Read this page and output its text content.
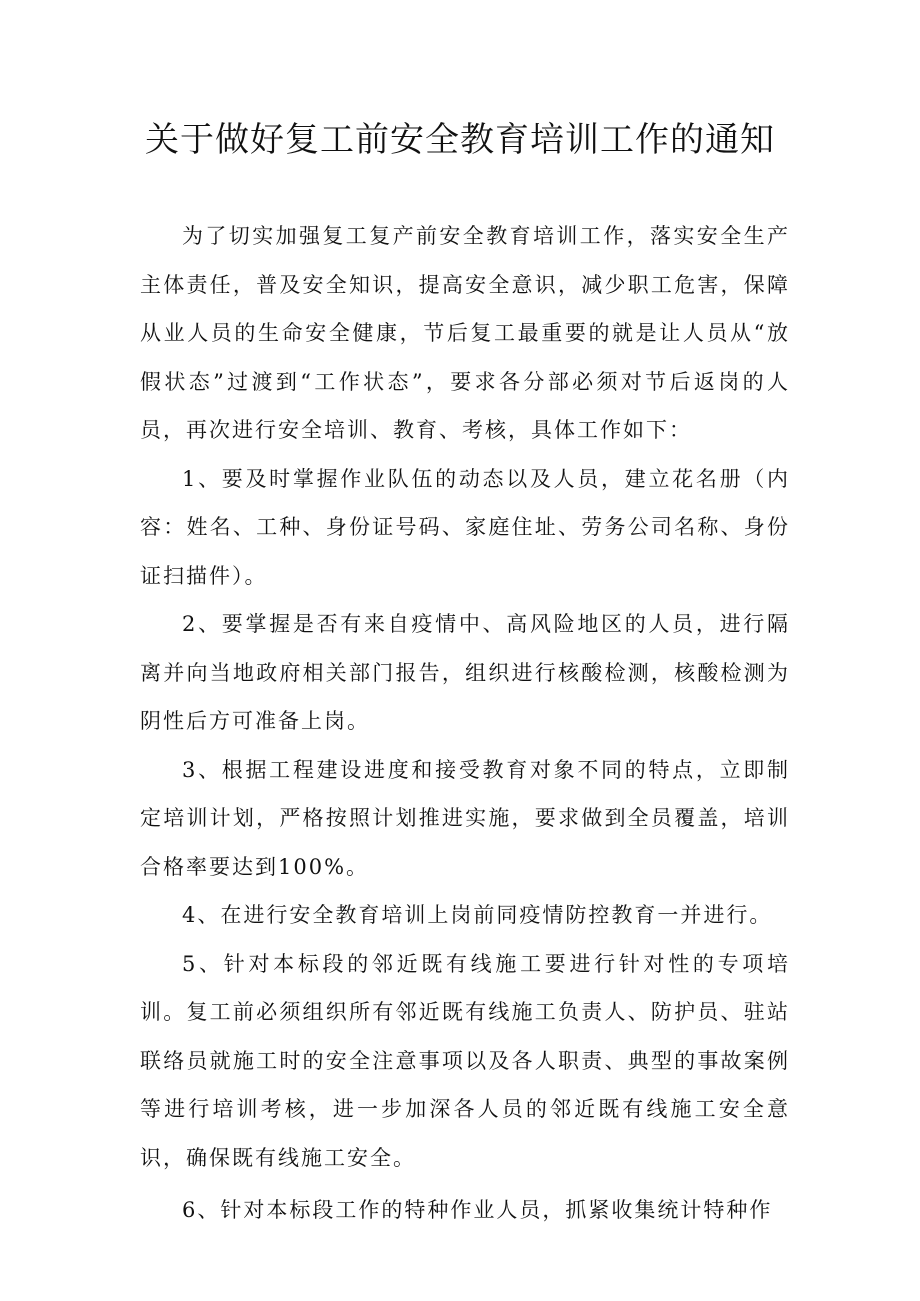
关于做好复工前安全教育培训工作的通知

为了切实加强复工复产前安全教育培训工作，落实安全生产主体责任，普及安全知识，提高安全意识，减少职工危害，保障从业人员的生命安全健康，节后复工最重要的就是让人员从“放假状态”过渡到“工作状态”，要求各分部必须对节后返岗的人员，再次进行安全培训、教育、考核，具体工作如下：

1、要及时掌握作业队伍的动态以及人员，建立花名册（内容：姓名、工种、身份证号码、家庭住址、劳务公司名称、身份证扫描件）。

2、要掌握是否有来自疫情中、高风险地区的人员，进行隔离并向当地政府相关部门报告，组织进行核酸检测，核酸检测为阴性后方可准备上岗。

3、根据工程建设进度和接受教育对象不同的特点，立即制定培训计划，严格按照计划推进实施，要求做到全员覆盖，培训合格率要达到100%。

4、在进行安全教育培训上岗前同疫情防控教育一并进行。

5、针对本标段的邻近既有线施工要进行针对性的专项培训。复工前必须组织所有邻近既有线施工负责人、防护员、驻站联络员就施工时的安全注意事项以及各人职责、典型的事故案例等进行培训考核，进一步加深各人员的邻近既有线施工安全意识，确保既有线施工安全。

6、针对本标段工作的特种作业人员，抓紧收集统计特种作
